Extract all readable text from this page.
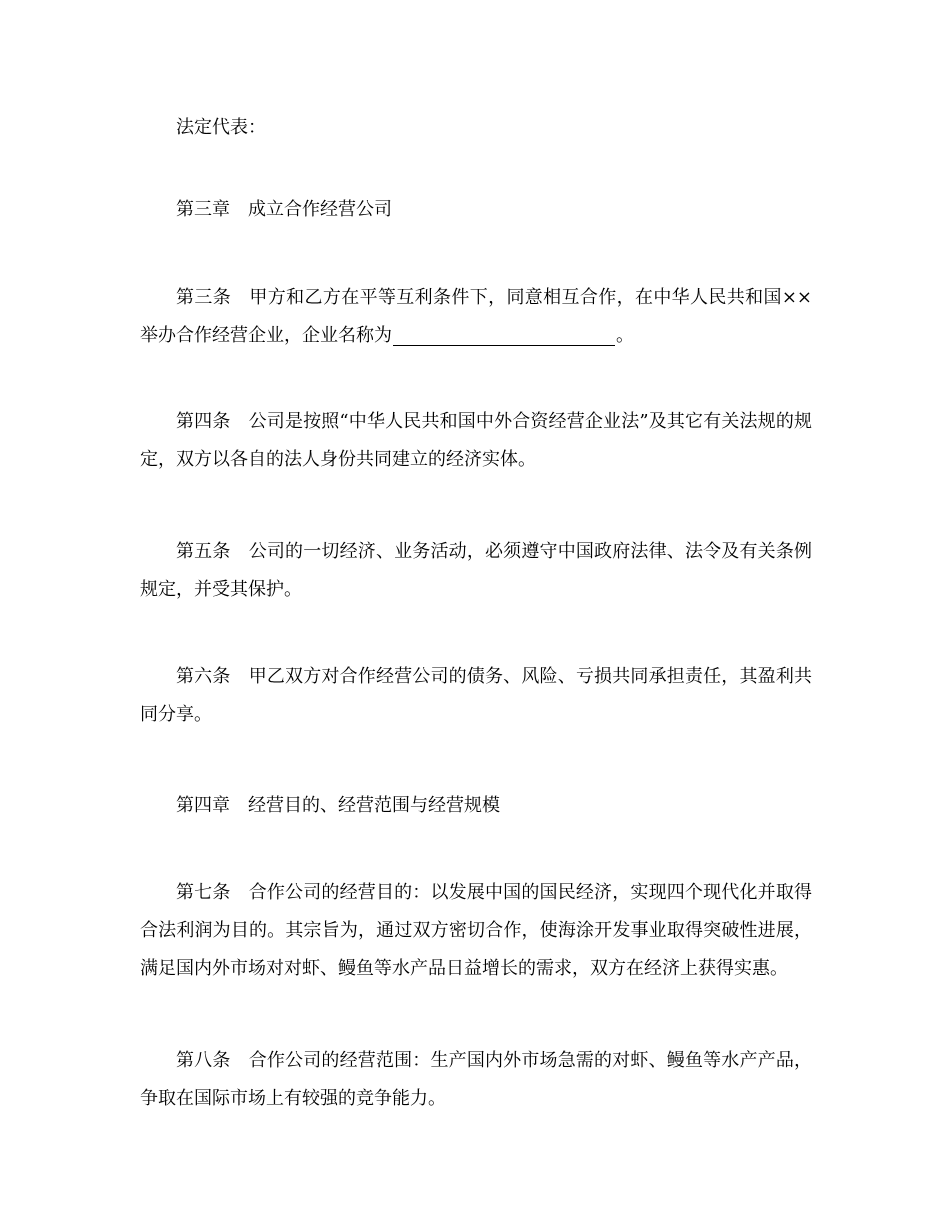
法定代表：

第三章　成立合作经营公司

第三条　甲方和乙方在平等互利条件下，同意相互合作，在中华人民共和国××举办合作经营企业，企业名称为	。

第四条　公司是按照“中华人民共和国中外合资经营企业法”及其它有关法规的规定，双方以各自的法人身份共同建立的经济实体。

第五条　公司的一切经济、业务活动，必须遵守中国政府法律、法令及有关条例规定，并受其保护。

第六条　甲乙双方对合作经营公司的债务、风险、亏损共同承担责任，其盈利共同分享。

第四章　经营目的、经营范围与经营规模

第七条　合作公司的经营目的：以发展中国的国民经济，实现四个现代化并取得合法利润为目的。其宗旨为，通过双方密切合作，使海涂开发事业取得突破性进展，满足国内外市场对对虾、鳗鱼等水产品日益增长的需求，双方在经济上获得实惠。

第八条　合作公司的经营范围：生产国内外市场急需的对虾、鳗鱼等水产产品，争取在国际市场上有较强的竞争能力。
